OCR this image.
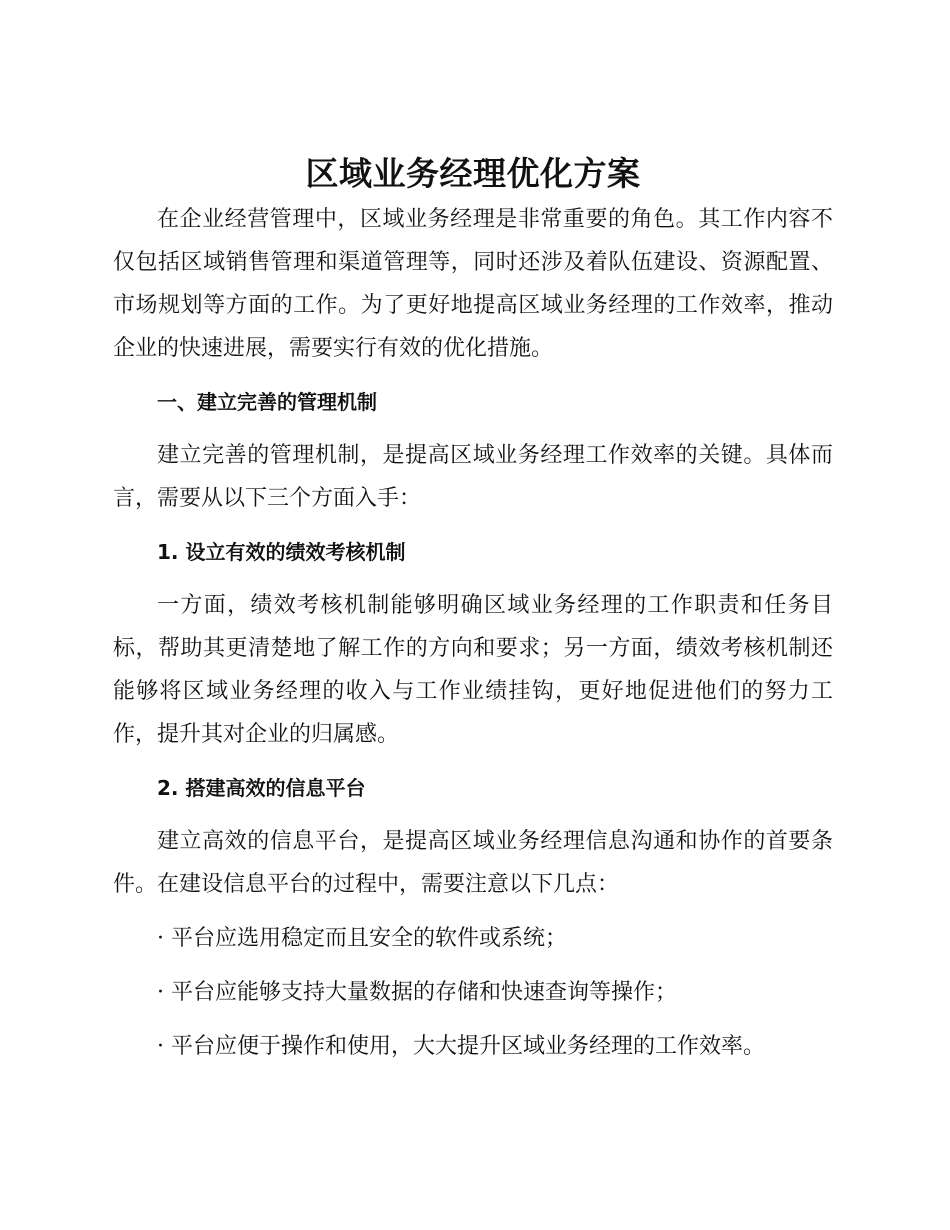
区域业务经理优化方案

在企业经营管理中，区域业务经理是非常重要的角色。其工作内容不仅包括区域销售管理和渠道管理等，同时还涉及着队伍建设、资源配置、市场规划等方面的工作。为了更好地提高区域业务经理的工作效率，推动企业的快速进展，需要实行有效的优化措施。

一、建立完善的管理机制

建立完善的管理机制，是提高区域业务经理工作效率的关键。具体而言，需要从以下三个方面入手：

1. 设立有效的绩效考核机制

一方面，绩效考核机制能够明确区域业务经理的工作职责和任务目标，帮助其更清楚地了解工作的方向和要求；另一方面，绩效考核机制还能够将区域业务经理的收入与工作业绩挂钩，更好地促进他们的努力工作，提升其对企业的归属感。

2. 搭建高效的信息平台

建立高效的信息平台，是提高区域业务经理信息沟通和协作的首要条件。在建设信息平台的过程中，需要注意以下几点：

· 平台应选用稳定而且安全的软件或系统；

· 平台应能够支持大量数据的存储和快速查询等操作；

· 平台应便于操作和使用，大大提升区域业务经理的工作效率。
